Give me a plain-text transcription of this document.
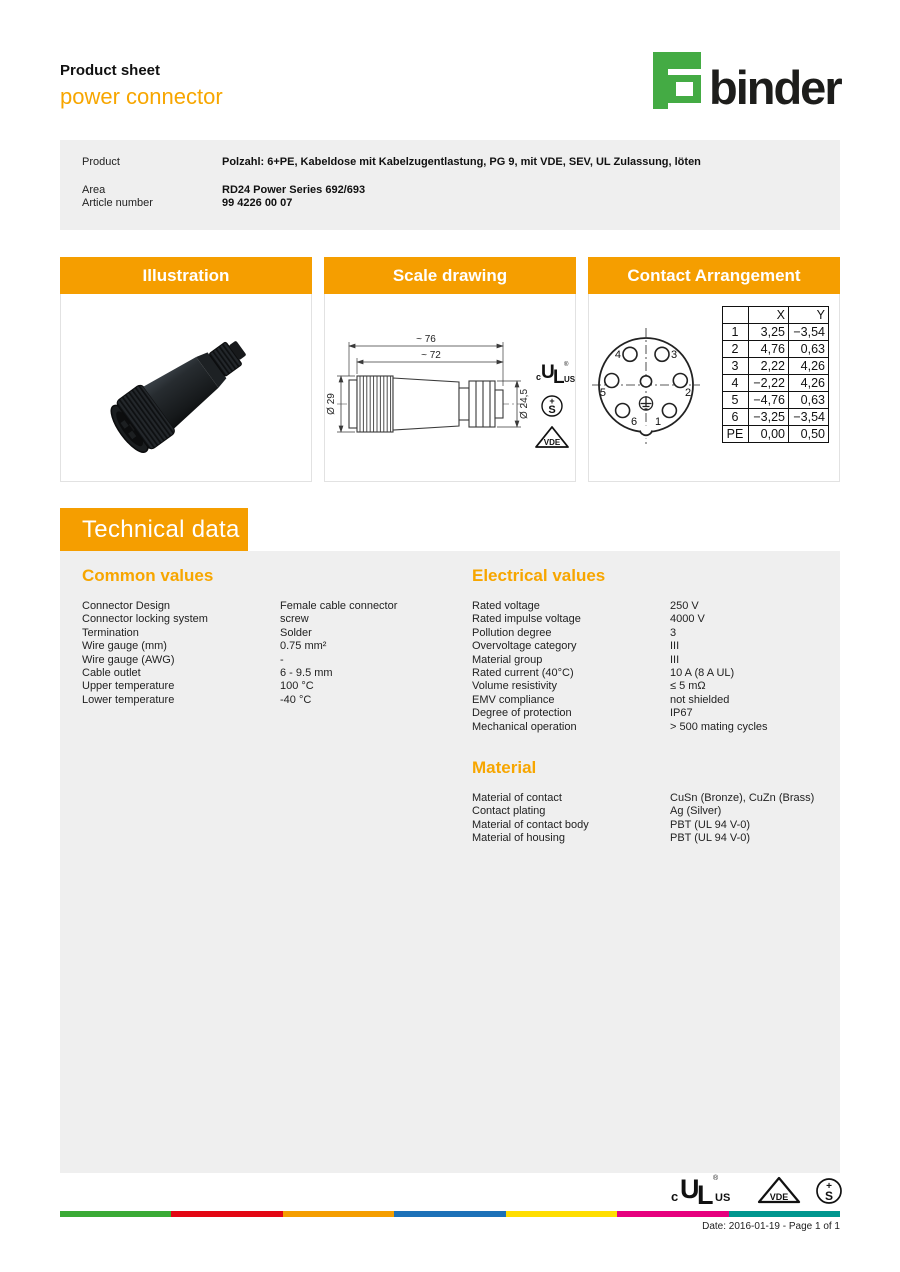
Product sheet
power connector	binder
Product	Polzahl: 6+PE, Kabeldose mit Kabelzugentlastung, PG 9, mit VDE, SEV, UL Zulassung, löten
Area	RD24 Power Series 692/693
Article number	99 4226 00 07
Illustration	Scale drawing
~ 76
~ 72
Ø 29	Ø 24,5
c U L
®
US
+
S
VDE
Contact Arrangement
1
2
3
4
5
6
	X	Y
1	3,25	−3,54
2	4,76	0,63
3	2,22	4,26
4	−2,22	4,26
5	−4,76	0,63
6	−3,25	−3,54
PE	0,00	0,50
Technical data
Common values
Connector Design	Female cable connector
Connector locking system	screw
Termination	Solder
Wire gauge (mm)	0.75 mm²
Wire gauge (AWG)	-
Cable outlet	6 - 9.5 mm
Upper temperature	100 °C
Lower temperature	-40 °C
Electrical values
Rated voltage	250 V
Rated impulse voltage	4000 V
Pollution degree	3
Overvoltage category	III
Material group	III
Rated current (40°C)	10 A (8 A UL)
Volume resistivity	≤ 5 mΩ
EMV compliance	not shielded
Degree of protection	IP67
Mechanical operation	> 500 mating cycles
Material
Material of contact	CuSn (Bronze), CuZn (Brass)
Contact plating	Ag (Silver)
Material of contact body	PBT (UL 94 V-0)
Material of housing	PBT (UL 94 V-0)
c U L
®
US	VDE
+
S
Date: 2016-01-19 - Page 1 of 1
